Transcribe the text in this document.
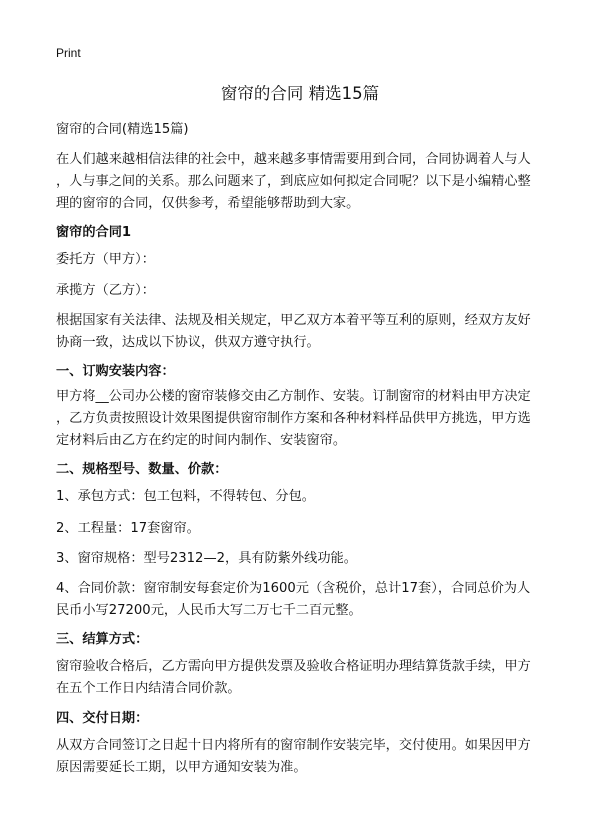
Print
窗帘的合同 精选15篇

窗帘的合同(精选15篇)

在人们越来越相信法律的社会中，越来越多事情需要用到合同，合同协调着人与人

，人与事之间的关系。那么问题来了，到底应如何拟定合同呢？以下是小编精心整

理的窗帘的合同，仅供参考，希望能够帮助到大家。

窗帘的合同1

委托方（甲方）：

承揽方（乙方）：

根据国家有关法律、法规及相关规定，甲乙双方本着平等互利的原则，经双方友好

协商一致，达成以下协议，供双方遵守执行。

一、订购安装内容：

甲方将__公司办公楼的窗帘装修交由乙方制作、安装。订制窗帘的材料由甲方决定

，乙方负责按照设计效果图提供窗帘制作方案和各种材料样品供甲方挑选，甲方选

定材料后由乙方在约定的时间内制作、安装窗帘。

二、规格型号、数量、价款：

1、承包方式：包工包料，不得转包、分包。

2、工程量：17套窗帘。

3、窗帘规格：型号2312—2，具有防紫外线功能。

4、合同价款：窗帘制安每套定价为1600元（含税价，总计17套），合同总价为人

民币小写27200元，人民币大写二万七千二百元整。

三、结算方式：

窗帘验收合格后，乙方需向甲方提供发票及验收合格证明办理结算货款手续，甲方

在五个工作日内结清合同价款。

四、交付日期：

从双方合同签订之日起十日内将所有的窗帘制作安装完毕，交付使用。如果因甲方

原因需要延长工期，以甲方通知安装为准。
